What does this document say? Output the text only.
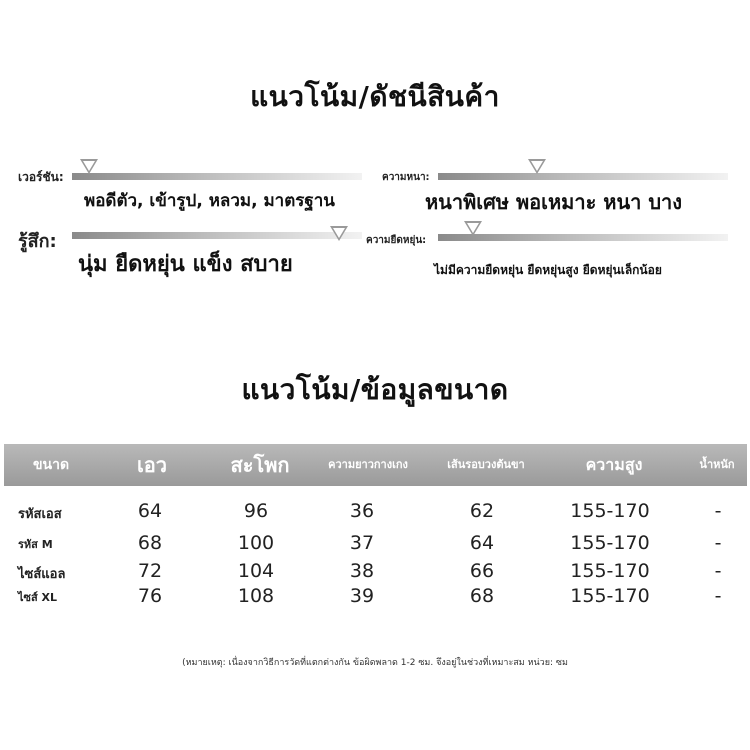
แนวโน้ม/ดัชนีสินค้า
เวอร์ชัน:
พอดีตัว, เข้ารูป, หลวม, มาตรฐาน
ความหนา:
หนาพิเศษ พอเหมาะ หนา บาง
รู้สึก:
นุ่ม ยืดหยุ่น แข็ง สบาย
ความยืดหยุ่น:
ไม่มีความยืดหยุ่น ยืดหยุ่นสูง ยืดหยุ่นเล็กน้อย
แนวโน้ม/ข้อมูลขนาด
ขนาด	เอว	สะโพก	ความยาวกางเกง	เส้นรอบวงต้นขา	ความสูง	น้ำหนัก
รหัสเอส	64	96	36	62	155-170	-
รหัส M	68	100	37	64	155-170	-
ไซส์แอล	72	104	38	66	155-170	-
ไซส์ XL	76	108	39	68	155-170	-
(หมายเหตุ: เนื่องจากวิธีการวัดที่แตกต่างกัน ข้อผิดพลาด 1-2 ซม. จึงอยู่ในช่วงที่เหมาะสม หน่วย: ซม
